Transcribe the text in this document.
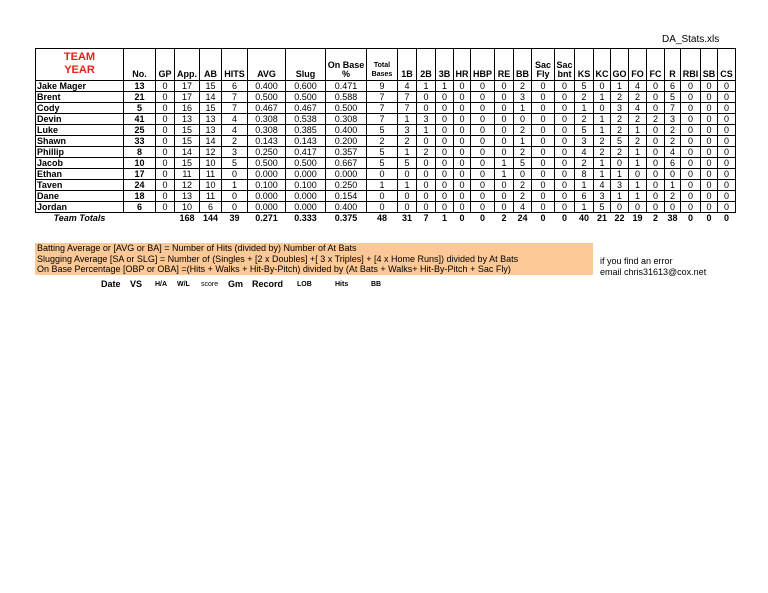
DA_Stats.xls
TEAM
YEAR	No.	GP	App.	AB	HITS	AVG	Slug	On Base %	Total Bases	1B	2B	3B	HR	HBP	RE	BB	Sac Fly	Sac bnt	KS	KC	GO	FO	FC	R	RBI	SB	CS
Jake Mager	13	0	17	15	6	0.400	0.600	0.471	9	4	1	1	0	0	0	2	0	0	5	0	1	4	0	6	0	0	0
Brent	21	0	17	14	7	0.500	0.500	0.588	7	7	0	0	0	0	0	3	0	0	2	1	2	2	0	5	0	0	0
Cody	5	0	16	15	7	0.467	0.467	0.500	7	7	0	0	0	0	0	1	0	0	1	0	3	4	0	7	0	0	0
Devin	41	0	13	13	4	0.308	0.538	0.308	7	1	3	0	0	0	0	0	0	0	2	1	2	2	2	3	0	0	0
Luke	25	0	15	13	4	0.308	0.385	0.400	5	3	1	0	0	0	0	2	0	0	5	1	2	1	0	2	0	0	0
Shawn	33	0	15	14	2	0.143	0.143	0.200	2	2	0	0	0	0	0	1	0	0	3	2	5	2	0	2	0	0	0
Phillip	8	0	14	12	3	0.250	0.417	0.357	5	1	2	0	0	0	0	2	0	0	4	2	2	1	0	4	0	0	0
Jacob	10	0	15	10	5	0.500	0.500	0.667	5	5	0	0	0	0	1	5	0	0	2	1	0	1	0	6	0	0	0
Ethan	17	0	11	11	0	0.000	0.000	0.000	0	0	0	0	0	0	1	0	0	0	8	1	1	0	0	0	0	0	0
Taven	24	0	12	10	1	0.100	0.100	0.250	1	1	0	0	0	0	0	2	0	0	1	4	3	1	0	1	0	0	0
Dane	18	0	13	11	0	0.000	0.000	0.154	0	0	0	0	0	0	0	2	0	0	6	3	1	1	0	2	0	0	0
Jordan	6	0	10	6	0	0.000	0.000	0.400	0	0	0	0	0	0	0	4	0	0	1	5	0	0	0	0	0	0	0
Team Totals			168	144	39	0.271	0.333	0.375	48	31	7	1	0	0	2	24	0	0	40	21	22	19	2	38	0	0	0
Batting Average or [AVG or BA] = Number of Hits (divided by) Number of At Bats
Slugging Average [SA or SLG] = Number of (Singles + [2 x Doubles] +[ 3 x Triples] + [4 x Home Runs]) divided by At Bats
On Base Percentage [OBP or OBA] =(Hits + Walks + Hit-By-Pitch) divided by (At Bats + Walks+ Hit-By-Pitch + Sac Fly)
if you find an error
email chris31613@cox.net
Date VS H/A W/L score Gm Record LOB	Hits	BB
